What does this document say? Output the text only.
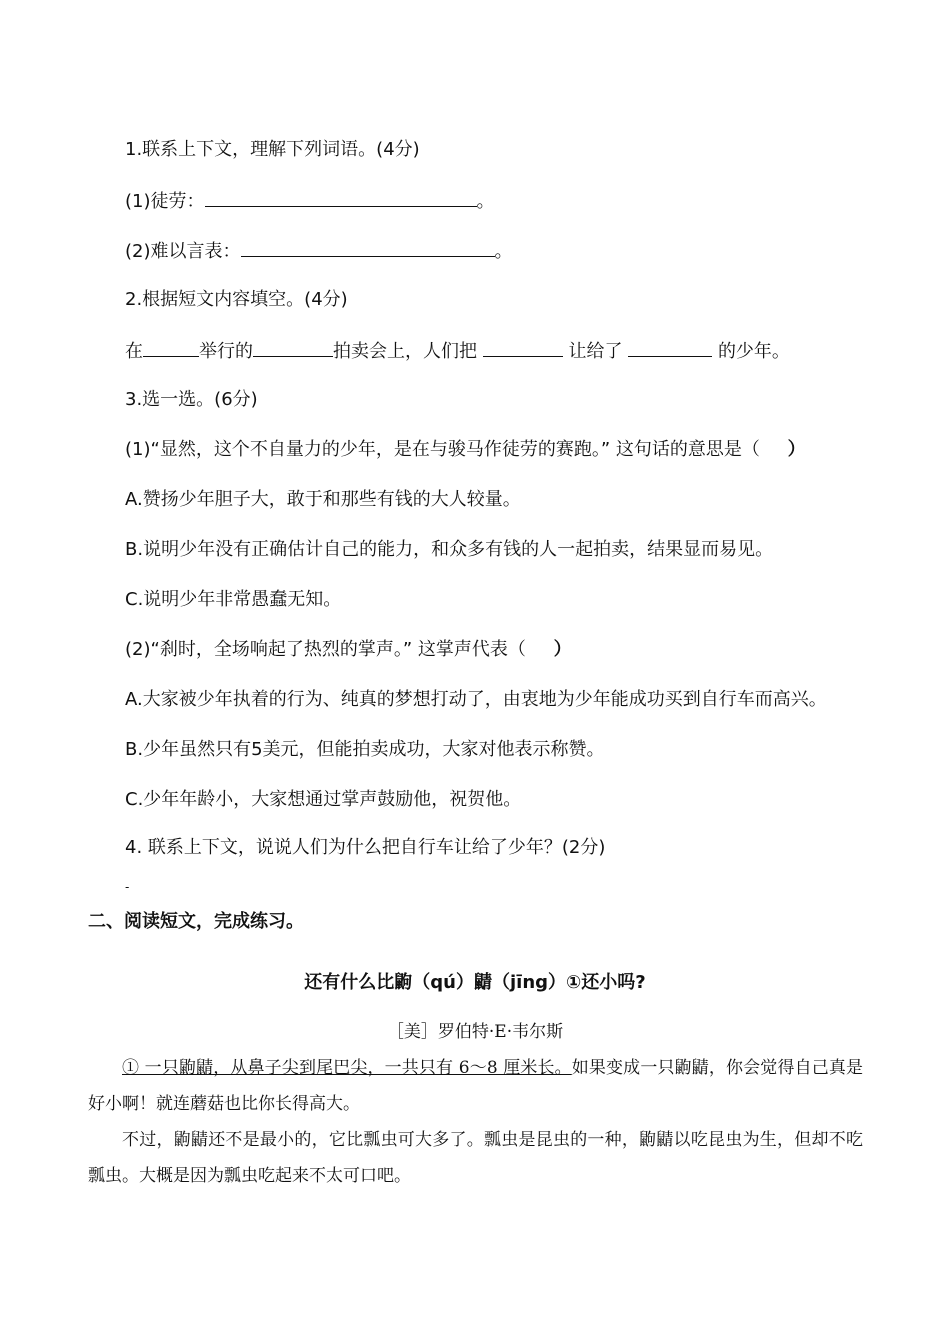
1.联系上下文，理解下列词语。(4分)
(1)徒劳：	。
(2)难以言表：	。
2.根据短文内容填空。(4分)
在	举行的	拍卖会上，人们把	让给了	的少年。
3.选一选。(6分)
(1)“显然，这个不自量力的少年，是在与骏马作徒劳的赛跑。” 这句话的意思是（ ）
A.赞扬少年胆子大，敢于和那些有钱的大人较量。
B.说明少年没有正确估计自己的能力，和众多有钱的人一起拍卖，结果显而易见。
C.说明少年非常愚蠢无知。
(2)“刹时，全场响起了热烈的掌声。” 这掌声代表（ ）
A.大家被少年执着的行为、纯真的梦想打动了，由衷地为少年能成功买到自行车而高兴。
B.少年虽然只有5美元，但能拍卖成功，大家对他表示称赞。
C.少年年龄小，大家想通过掌声鼓励他，祝贺他。
4. 联系上下文，说说人们为什么把自行车让给了少年？(2分)
-
二、阅读短文，完成练习。
还有什么比鼩（qú）鼱（jīng）①还小吗?
［美］罗伯特·E·韦尔斯
① 一只鼩鼱，从鼻子尖到尾巴尖，一共只有 6～8 厘米长。如果变成一只鼩鼱，你会觉得自己真是好小啊！就连蘑菇也比你长得高大。
不过，鼩鼱还不是最小的，它比瓢虫可大多了。瓢虫是昆虫的一种，鼩鼱以吃昆虫为生，但却不吃瓢虫。大概是因为瓢虫吃起来不太可口吧。
